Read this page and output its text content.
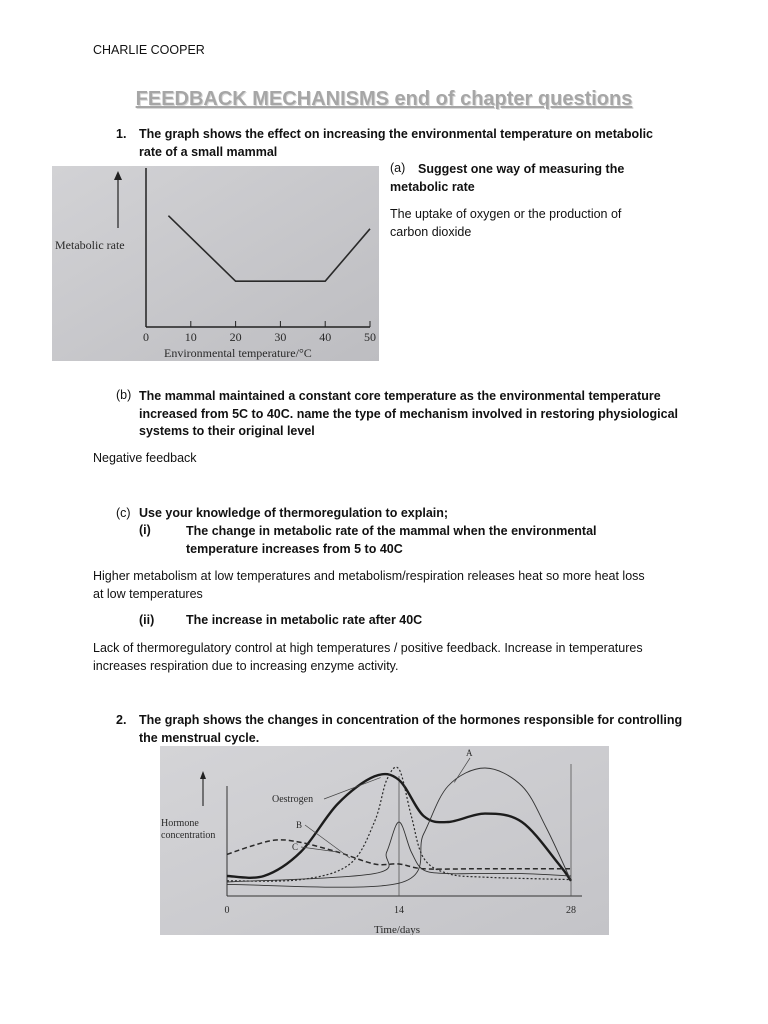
CHARLIE COOPER
FEEDBACK MECHANISMS end of chapter questions
1. The graph shows the effect on increasing the environmental temperature on metabolic
rate of a small mammal
Metabolic rate
0	10	20	30	40	50
Environmental temperature/°C
(a)	Suggest one way of measuring the
metabolic rate
The uptake of oxygen or the production of
carbon dioxide
(b) The mammal maintained a constant core temperature as the environmental temperature
increased from 5C to 40C. name the type of mechanism involved in restoring physiological
systems to their original level
Negative feedback
(c) Use your knowledge of thermoregulation to explain;
(i)	The change in metabolic rate of the mammal when the environmental
temperature increases from 5 to 40C
Higher metabolism at low temperatures and metabolism/respiration releases heat so more heat loss
at low temperatures
(ii)	The increase in metabolic rate after 40C
Lack of thermoregulatory control at high temperatures / positive feedback. Increase in temperatures
increases respiration due to increasing enzyme activity.
2. The graph shows the changes in concentration of the hormones responsible for controlling
the menstrual cycle.
Hormone
concentration
0	14	28
Oestrogen
B
C
A
Time/days
